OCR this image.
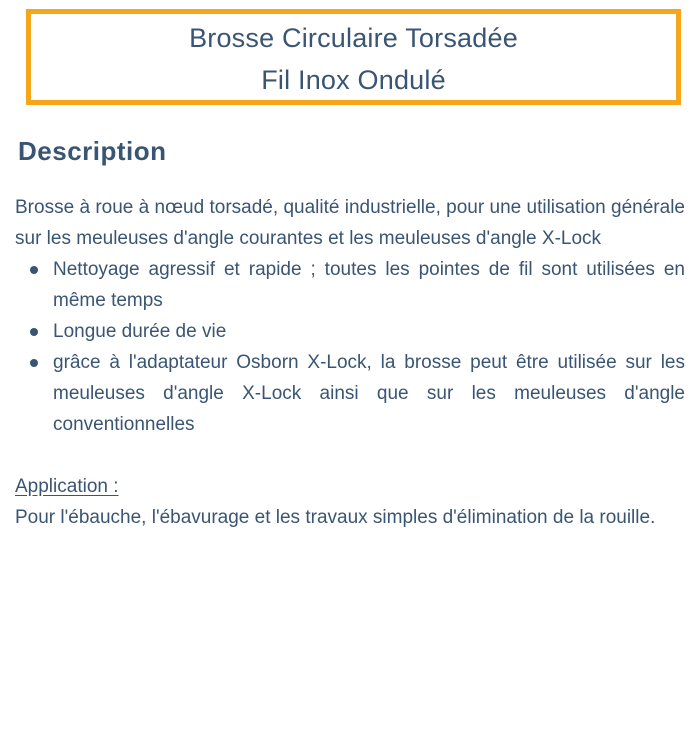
Brosse Circulaire Torsadée
Fil Inox Ondulé
Description

Brosse à roue à nœud torsadé, qualité industrielle, pour une utilisation générale sur les meuleuses d'angle courantes et les meuleuses d'angle X-Lock

Nettoyage agressif et rapide ; toutes les pointes de fil sont utilisées en même temps
Longue durée de vie
grâce à l'adaptateur Osborn X-Lock, la brosse peut être utilisée sur les meuleuses d'angle X-Lock ainsi que sur les meuleuses d'angle conventionnelles

Application :
Pour l'ébauche, l'ébavurage et les travaux simples d'élimination de la rouille.
